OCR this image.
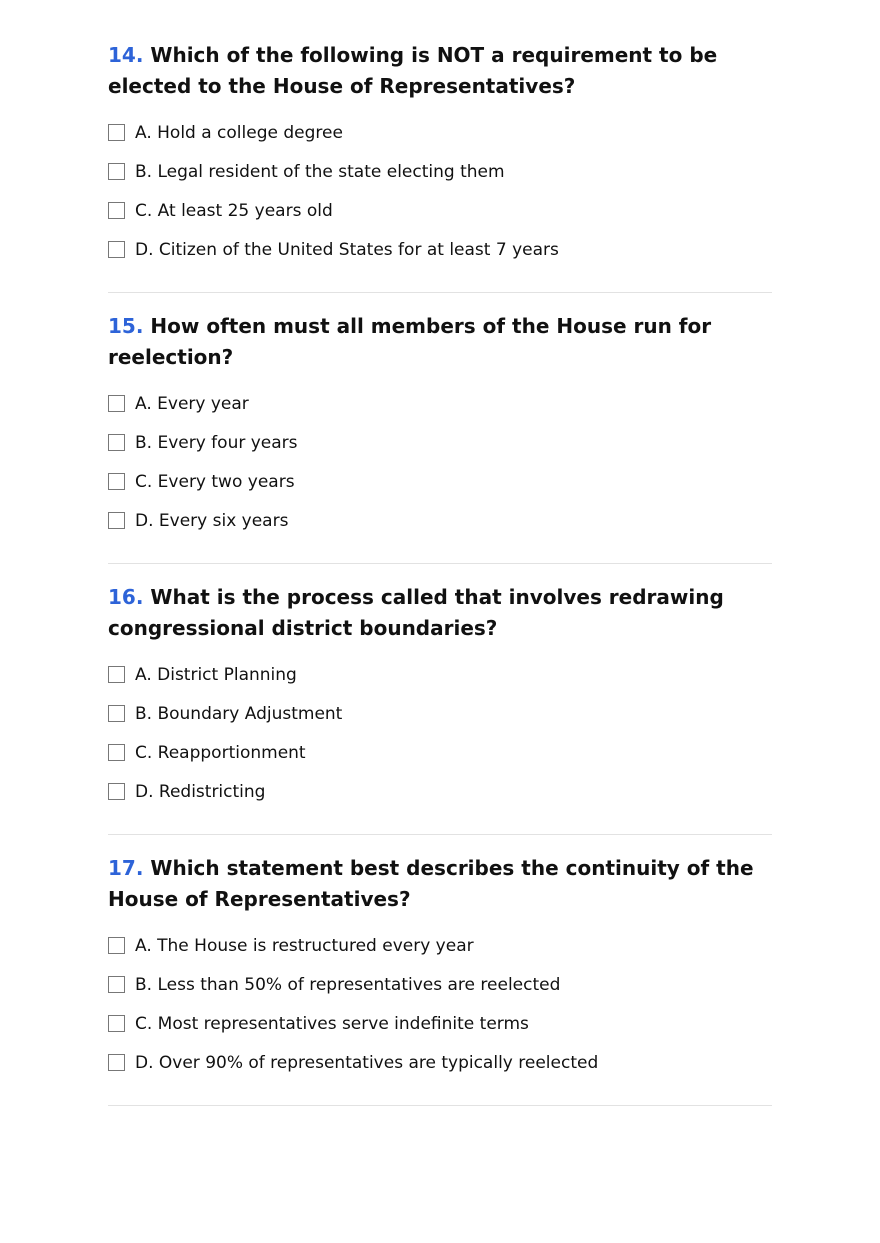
14. Which of the following is NOT a requirement to be elected to the House of Representatives?

A. Hold a college degree
B. Legal resident of the state electing them
C. At least 25 years old
D. Citizen of the United States for at least 7 years

15. How often must all members of the House run for reelection?

A. Every year
B. Every four years
C. Every two years
D. Every six years

16. What is the process called that involves redrawing congressional district boundaries?

A. District Planning
B. Boundary Adjustment
C. Reapportionment
D. Redistricting

17. Which statement best describes the continuity of the House of Representatives?

A. The House is restructured every year
B. Less than 50% of representatives are reelected
C. Most representatives serve indefinite terms
D. Over 90% of representatives are typically reelected
